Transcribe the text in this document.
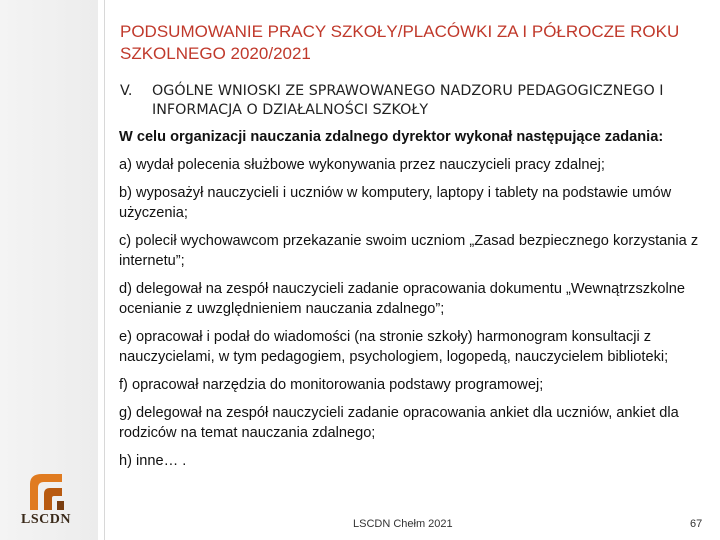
LSCDN
PODSUMOWANIE PRACY SZKOŁY/PLACÓWKI ZA I PÓŁROCZE ROKU SZKOLNEGO 2020/2021
V.	OGÓLNE WNIOSKI ZE SPRAWOWANEGO NADZORU PEDAGOGICZNEGO I INFORMACJA O DZIAŁALNOŚCI SZKOŁY

W celu organizacji nauczania zdalnego dyrektor wykonał następujące zadania:

a) wydał polecenia służbowe wykonywania przez nauczycieli pracy zdalnej;
b) wyposażył nauczycieli i uczniów w komputery, laptopy i tablety na podstawie umów użyczenia;
c) polecił wychowawcom przekazanie swoim uczniom „Zasad bezpiecznego korzystania z internetu”;
d) delegował na zespół nauczycieli zadanie opracowania dokumentu „Wewnątrzszkolne ocenianie z uwzględnieniem nauczania zdalnego”;
e) opracował i podał do wiadomości (na stronie szkoły) harmonogram konsultacji z nauczycielami, w tym pedagogiem, psychologiem, logopedą, nauczycielem biblioteki;
f) opracował narzędzia do monitorowania podstawy programowej;
g) delegował na zespół nauczycieli zadanie opracowania ankiet dla uczniów, ankiet dla rodziców na temat nauczania zdalnego;
h) inne… .
LSCDN Chełm 2021	67
